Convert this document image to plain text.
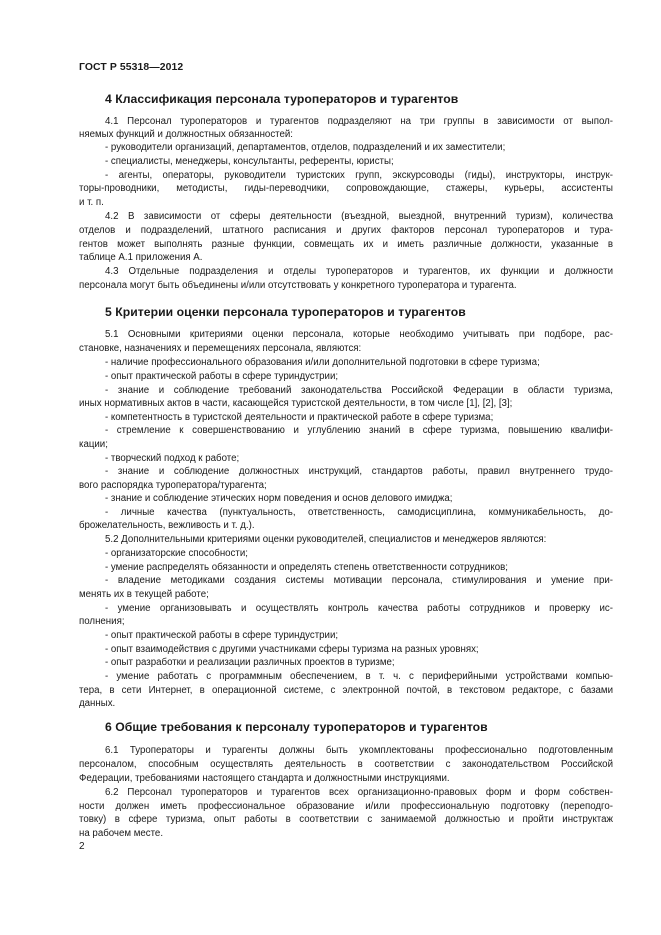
ГОСТ Р 55318—2012
4 Классификация персонала туроператоров и турагентов
4.1 Персонал туроператоров и турагентов подразделяют на три группы в зависимости от выпол-
няемых функций и должностных обязанностей:
- руководители организаций, департаментов, отделов, подразделений и их заместители;
- специалисты, менеджеры, консультанты, референты, юристы;
- агенты, операторы, руководители туристских групп, экскурсоводы (гиды), инструкторы, инструк-
торы-проводники, методисты, гиды-переводчики, сопровождающие, стажеры, курьеры, ассистенты
и т. п.
4.2 В зависимости от сферы деятельности (въездной, выездной, внутренний туризм), количества
отделов и подразделений, штатного расписания и других факторов персонал туроператоров и тура-
гентов может выполнять разные функции, совмещать их и иметь различные должности, указанные в
таблице А.1 приложения А.
4.3 Отдельные подразделения и отделы туроператоров и турагентов, их функции и должности
персонала могут быть объединены и/или отсутствовать у конкретного туроператора и турагента.
5 Критерии оценки персонала туроператоров и турагентов
5.1 Основными критериями оценки персонала, которые необходимо учитывать при подборе, рас-
становке, назначениях и перемещениях персонала, являются:
- наличие профессионального образования и/или дополнительной подготовки в сфере туризма;
- опыт практической работы в сфере туриндустрии;
- знание и соблюдение требований законодательства Российской Федерации в области туризма,
иных нормативных актов в части, касающейся туристской деятельности, в том числе [1], [2], [3];
- компетентность в туристской деятельности и практической работе в сфере туризма;
- стремление к совершенствованию и углублению знаний в сфере туризма, повышению квалифи-
кации;
- творческий подход к работе;
- знание и соблюдение должностных инструкций, стандартов работы, правил внутреннего трудо-
вого распорядка туроператора/турагента;
- знание и соблюдение этических норм поведения и основ делового имиджа;
- личные качества (пунктуальность, ответственность, самодисциплина, коммуникабельность, до-
брожелательность, вежливость и т. д.).
5.2 Дополнительными критериями оценки руководителей, специалистов и менеджеров являются:
- организаторские способности;
- умение распределять обязанности и определять степень ответственности сотрудников;
- владение методиками создания системы мотивации персонала, стимулирования и умение при-
менять их в текущей работе;
- умение организовывать и осуществлять контроль качества работы сотрудников и проверку ис-
полнения;
- опыт практической работы в сфере туриндустрии;
- опыт взаимодействия с другими участниками сферы туризма на разных уровнях;
- опыт разработки и реализации различных проектов в туризме;
- умение работать с программным обеспечением, в т. ч. с периферийными устройствами компью-
тера, в сети Интернет, в операционной системе, с электронной почтой, в текстовом редакторе, с базами
данных.
6 Общие требования к персоналу туроператоров и турагентов
6.1 Туроператоры и турагенты должны быть укомплектованы профессионально подготовленным
персоналом, способным осуществлять деятельность в соответствии с законодательством Российской
Федерации, требованиями настоящего стандарта и должностными инструкциями.
6.2 Персонал туроператоров и турагентов всех организационно-правовых форм и форм собствен-
ности должен иметь профессиональное образование и/или профессиональную подготовку (переподго-
товку) в сфере туризма, опыт работы в соответствии с занимаемой должностью и пройти инструктаж
на рабочем месте.
2
